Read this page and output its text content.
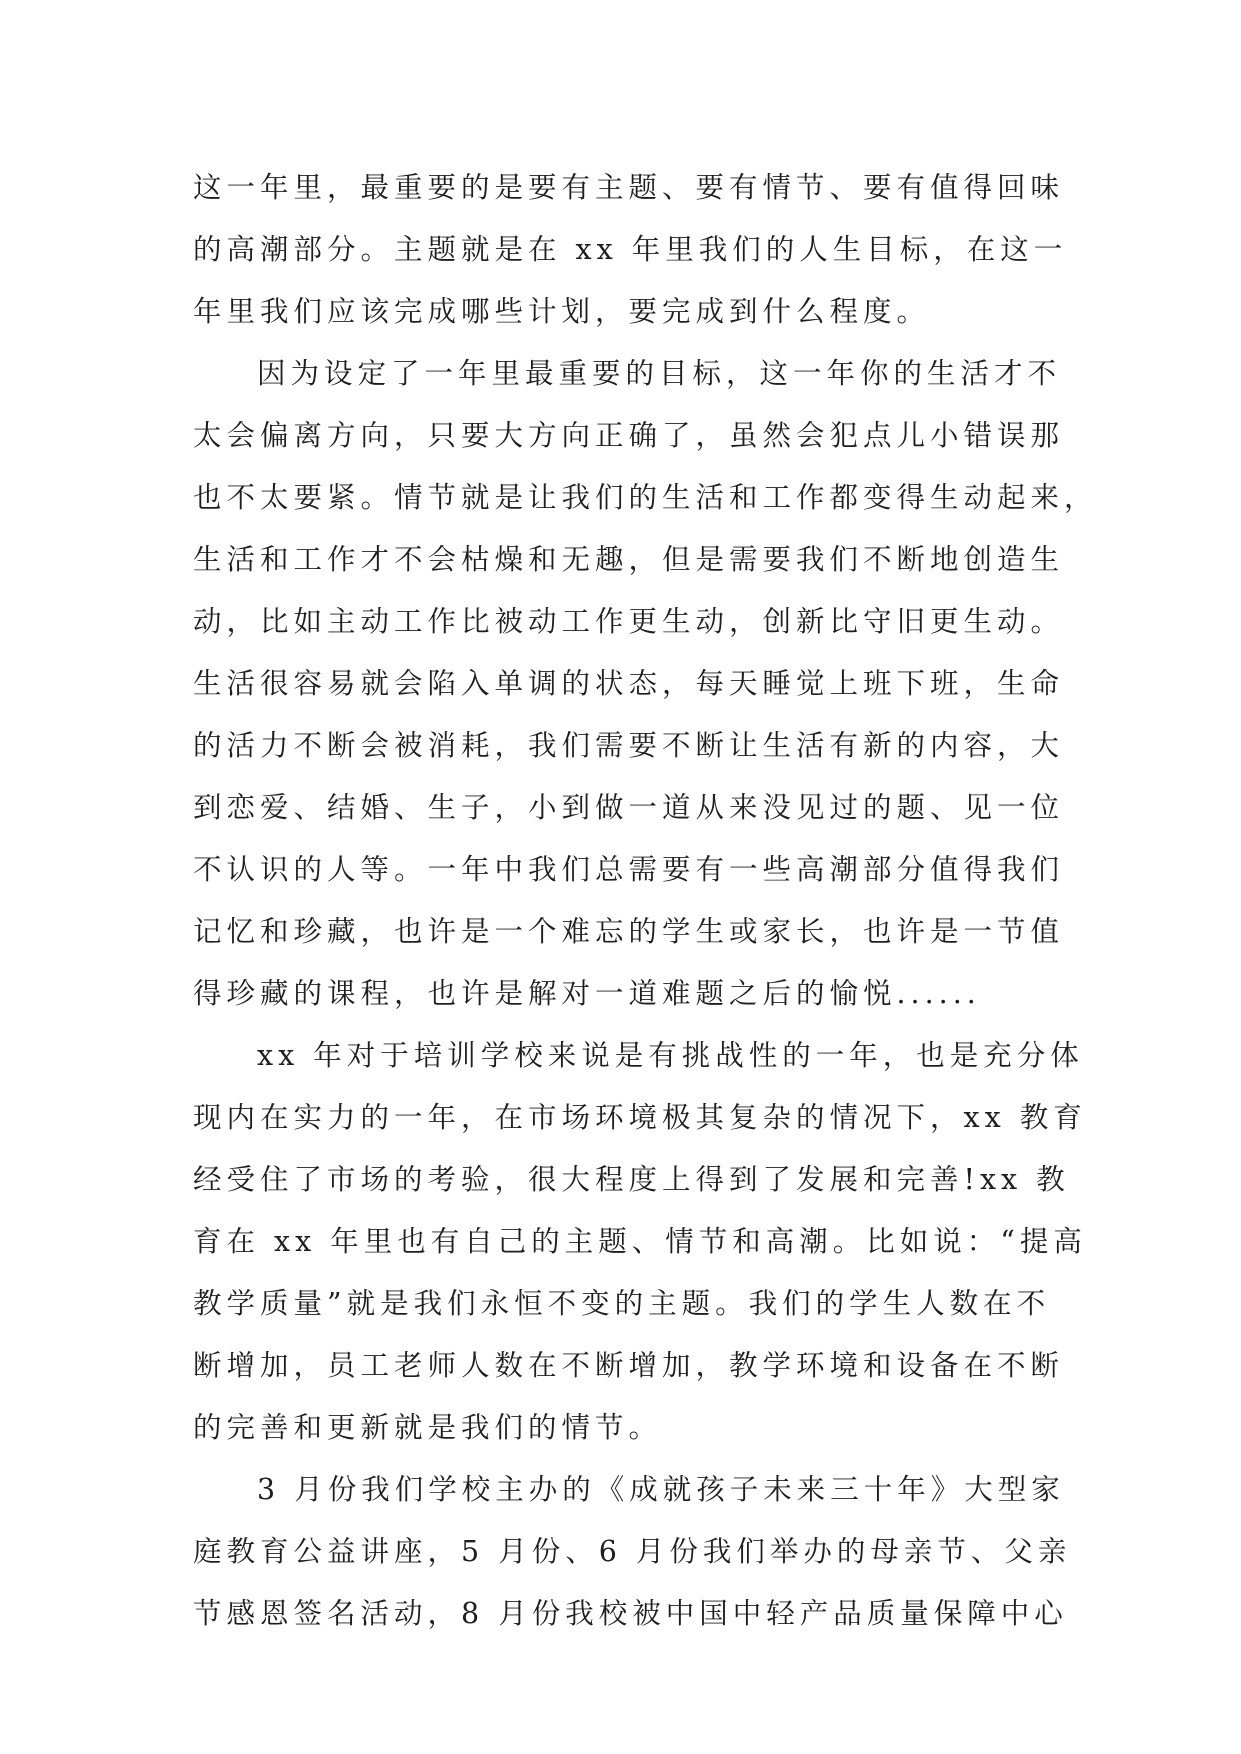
这一年里，最重要的是要有主题、要有情节、要有值得回味
的高潮部分。主题就是在 xx 年里我们的人生目标，在这一
年里我们应该完成哪些计划，要完成到什么程度。
因为设定了一年里最重要的目标，这一年你的生活才不
太会偏离方向，只要大方向正确了，虽然会犯点儿小错误那
也不太要紧。情节就是让我们的生活和工作都变得生动起来，
生活和工作才不会枯燥和无趣，但是需要我们不断地创造生
动，比如主动工作比被动工作更生动，创新比守旧更生动。
生活很容易就会陷入单调的状态，每天睡觉上班下班，生命
的活力不断会被消耗，我们需要不断让生活有新的内容，大
到恋爱、结婚、生子，小到做一道从来没见过的题、见一位
不认识的人等。一年中我们总需要有一些高潮部分值得我们
记忆和珍藏，也许是一个难忘的学生或家长，也许是一节值
得珍藏的课程，也许是解对一道难题之后的愉悦......
xx 年对于培训学校来说是有挑战性的一年，也是充分体
现内在实力的一年，在市场环境极其复杂的情况下，xx 教育
经受住了市场的考验，很大程度上得到了发展和完善!xx 教
育在 xx 年里也有自己的主题、情节和高潮。比如说：“提高
教学质量”就是我们永恒不变的主题。我们的学生人数在不
断增加，员工老师人数在不断增加，教学环境和设备在不断
的完善和更新就是我们的情节。
3 月份我们学校主办的《成就孩子未来三十年》大型家
庭教育公益讲座，5 月份、6 月份我们举办的母亲节、父亲
节感恩签名活动，8 月份我校被中国中轻产品质量保障中心
